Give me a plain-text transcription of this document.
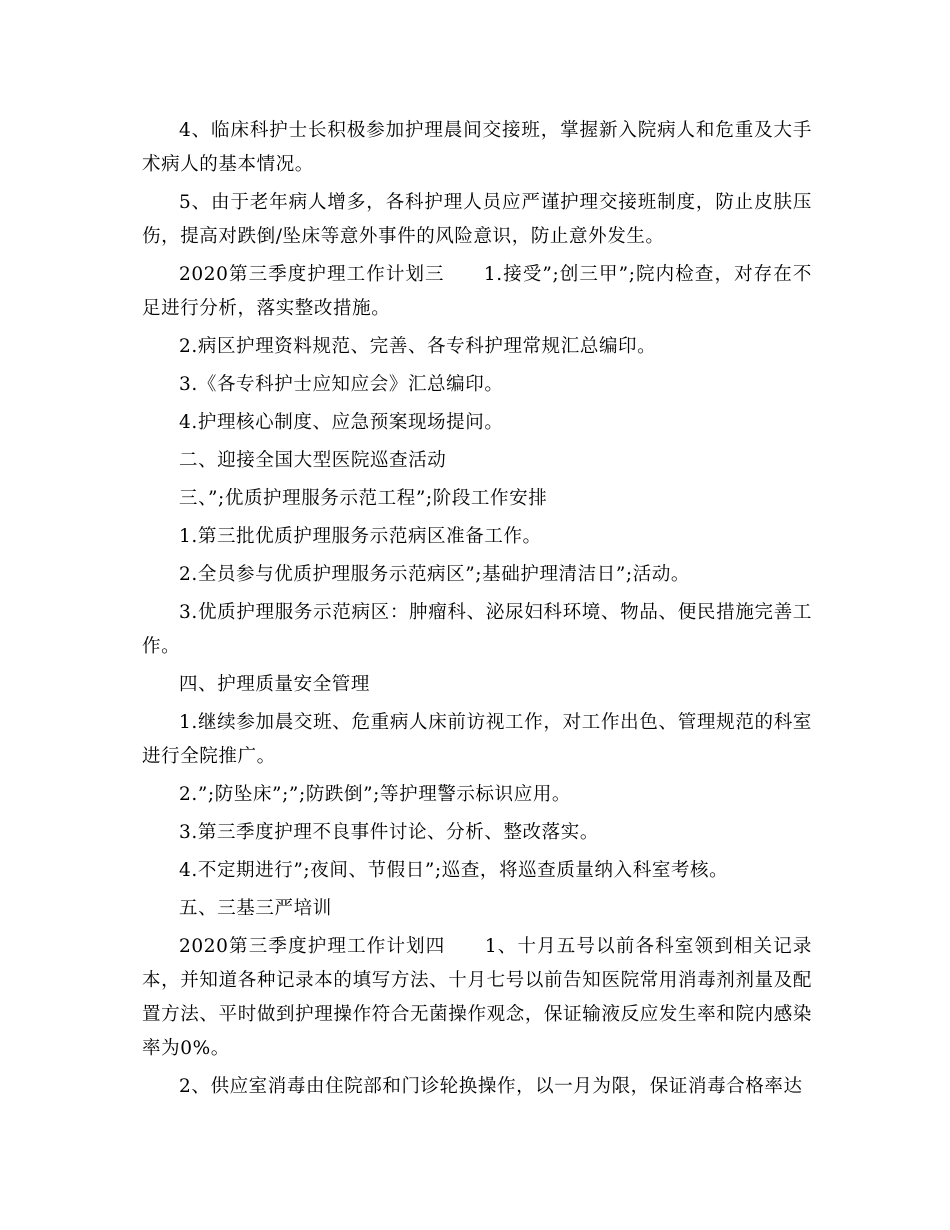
4、临床科护士长积极参加护理晨间交接班，掌握新入院病人和危重及大手术病人的基本情况。

5、由于老年病人增多，各科护理人员应严谨护理交接班制度，防止皮肤压伤，提高对跌倒/坠床等意外事件的风险意识，防止意外发生。

2020第三季度护理工作计划三　　1.接受”;创三甲”;院内检查，对存在不足进行分析，落实整改措施。

2.病区护理资料规范、完善、各专科护理常规汇总编印。

3.《各专科护士应知应会》汇总编印。

4.护理核心制度、应急预案现场提问。

二、迎接全国大型医院巡查活动

三、”;优质护理服务示范工程”;阶段工作安排

1.第三批优质护理服务示范病区准备工作。

2.全员参与优质护理服务示范病区”;基础护理清洁日”;活动。

3.优质护理服务示范病区：肿瘤科、泌尿妇科环境、物品、便民措施完善工作。

四、护理质量安全管理

1.继续参加晨交班、危重病人床前访视工作，对工作出色、管理规范的科室进行全院推广。

2.”;防坠床”;”;防跌倒”;等护理警示标识应用。

3.第三季度护理不良事件讨论、分析、整改落实。

4.不定期进行”;夜间、节假日”;巡查，将巡查质量纳入科室考核。

五、三基三严培训

2020第三季度护理工作计划四　　1、十月五号以前各科室领到相关记录本，并知道各种记录本的填写方法、十月七号以前告知医院常用消毒剂剂量及配置方法、平时做到护理操作符合无菌操作观念，保证输液反应发生率和院内感染率为0%。

2、供应室消毒由住院部和门诊轮换操作，以一月为限，保证消毒合格率达
